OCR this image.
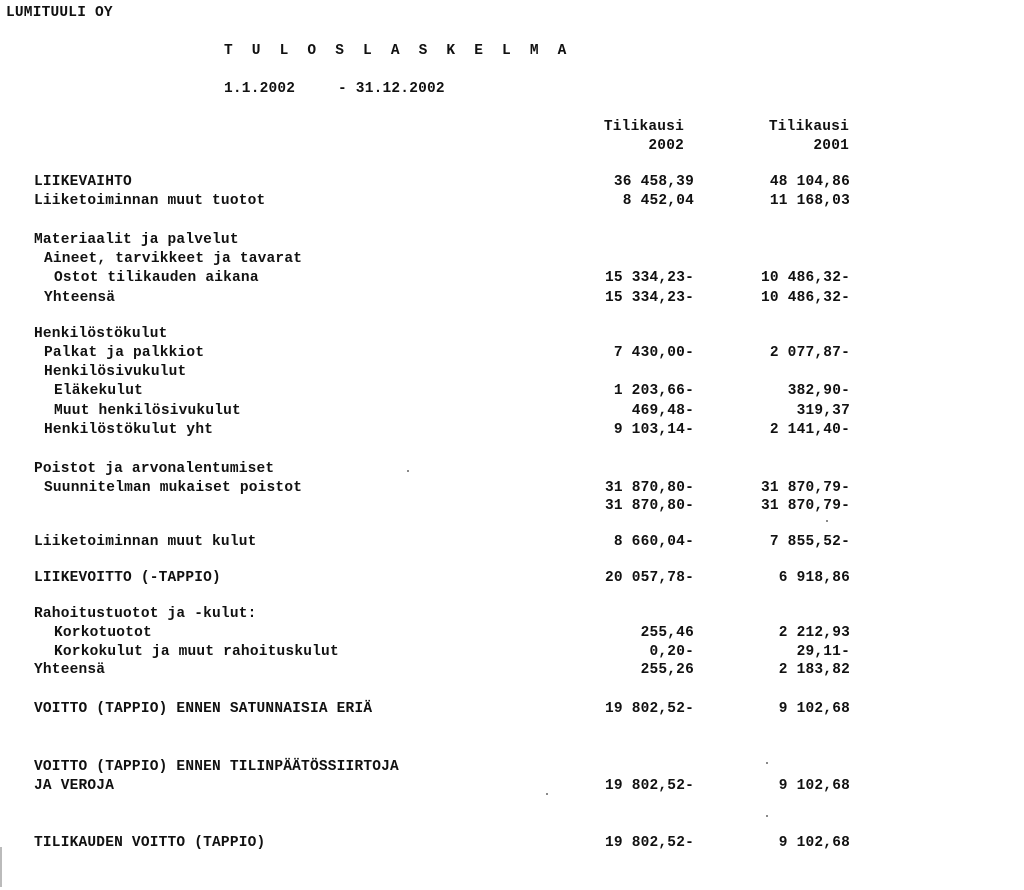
LUMITUULI OY
T U L O S L A S K E L M A
1.1.2002	- 31.12.2002
Tilikausi
2002
Tilikausi
2001
LIIKEVAIHTO	36 458,39	48 104,86
Liiketoiminnan muut tuotot	8 452,04	11 168,03
Materiaalit ja palvelut
Aineet, tarvikkeet ja tavarat
Ostot tilikauden aikana	15 334,23-	10 486,32-
Yhteensä	15 334,23-	10 486,32-
Henkilöstökulut
Palkat ja palkkiot	7 430,00-	2 077,87-
Henkilösivukulut
Eläkekulut	1 203,66-	382,90-
Muut henkilösivukulut	469,48-	319,37
Henkilöstökulut yht	9 103,14-	2 141,40-
Poistot ja arvonalentumiset
Suunnitelman mukaiset poistot	31 870,80-	31 870,79-
31 870,80-	31 870,79-
Liiketoiminnan muut kulut	8 660,04-	7 855,52-
LIIKEVOITTO (-TAPPIO)	20 057,78-	6 918,86
Rahoitustuotot ja -kulut:
Korkotuotot	255,46	2 212,93
Korkokulut ja muut rahoituskulut	0,20-	29,11-
Yhteensä	255,26	2 183,82
VOITTO (TAPPIO) ENNEN SATUNNAISIA ERIÄ	19 802,52-	9 102,68
VOITTO (TAPPIO) ENNEN TILINPÄÄTÖSSIIRTOJA
JA VEROJA	19 802,52-	9 102,68
TILIKAUDEN VOITTO (TAPPIO)	19 802,52-	9 102,68
